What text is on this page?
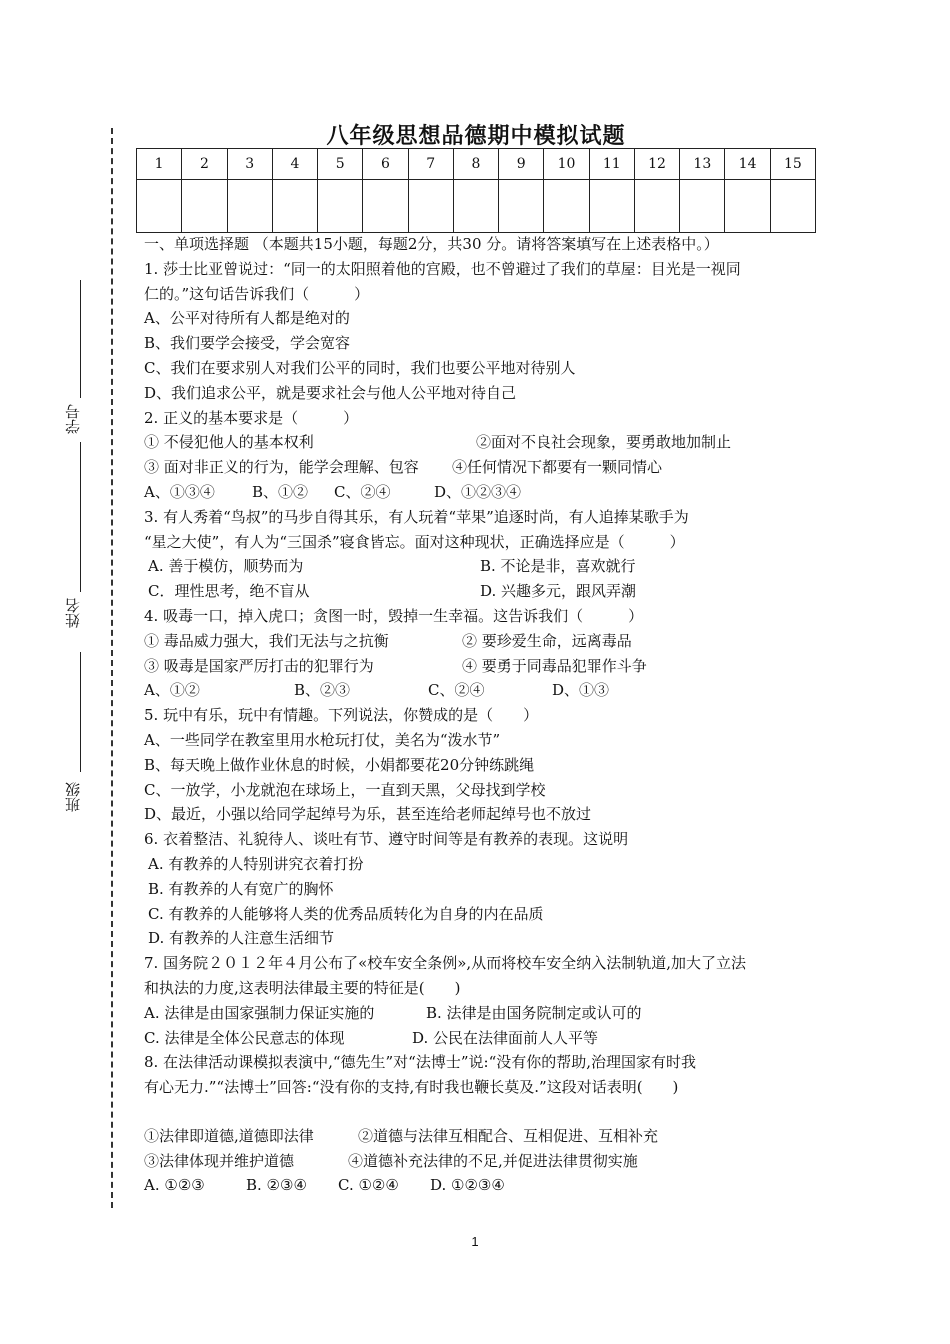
学号
姓名
班级
八年级思想品德期中模拟试题
1	2	3	4	5	6	7	8	9	10	11	12	13	14	15

一、单项选择题 （本题共15小题，每题2分，共30 分。请将答案填写在上述表格中。）

1. 莎士比亚曾说过：“同一的太阳照着他的宫殿，也不曾避过了我们的草屋：目光是一视同

仁的。”这句话告诉我们（　　　）

A、公平对待所有人都是绝对的

B、我们要学会接受，学会宽容

C、我们在要求别人对我们公平的同时，我们也要公平地对待别人

D、我们追求公平，就是要求社会与他人公平地对待自己

2. 正义的基本要求是（　　　）

① 不侵犯他人的基本权利	②面对不良社会现象，要勇敢地加制止
③ 面对非正义的行为，能学会理解、包容	④任何情况下都要有一颗同情心
A、①③④	B、①②	C、②④	D、①②③④

3. 有人秀着“鸟叔”的马步自得其乐，有人玩着“苹果”追逐时尚，有人追捧某歌手为

“星之大使”，有人为“三国杀”寝食皆忘。面对这种现状，正确选择应是（　　　）

A. 善于模仿，顺势而为	B. 不论是非，喜欢就行
C．理性思考，绝不盲从	D. 兴趣多元，跟风弄潮

4. 吸毒一口，掉入虎口；贪图一时，毁掉一生幸福。这告诉我们（　　　）

① 毒品威力强大，我们无法与之抗衡	② 要珍爱生命，远离毒品
③ 吸毒是国家严厉打击的犯罪行为	④ 要勇于同毒品犯罪作斗争
A、①②	B、②③	C、②④	D、①③

5. 玩中有乐，玩中有情趣。下列说法，你赞成的是（　　）

A、一些同学在教室里用水枪玩打仗，美名为“泼水节”

B、每天晚上做作业休息的时候，小娟都要花20分钟练跳绳

C、一放学，小龙就泡在球场上，一直到天黑，父母找到学校

D、最近，小强以给同学起绰号为乐，甚至连给老师起绰号也不放过

6. 衣着整洁、礼貌待人、谈吐有节、遵守时间等是有教养的表现。这说明

A. 有教养的人特别讲究衣着打扮

B. 有教养的人有宽广的胸怀

C. 有教养的人能够将人类的优秀品质转化为自身的内在品质

D. 有教养的人注意生活细节

7. 国务院２０１２年４月公布了«校车安全条例»,从而将校车安全纳入法制轨道,加大了立法

和执法的力度,这表明法律最主要的特征是(　　)

A. 法律是由国家强制力保证实施的	B. 法律是由国务院制定或认可的
C. 法律是全体公民意志的体现	D. 公民在法律面前人人平等

8. 在法律活动课模拟表演中,“德先生”对“法博士”说:“没有你的帮助,治理国家有时我

有心无力.”“法博士”回答:“没有你的支持,有时我也鞭长莫及.”这段对话表明(　　)

①法律即道德,道德即法律	②道德与法律互相配合、互相促进、互相补充
③法律体现并维护道德	④道德补充法律的不足,并促进法律贯彻实施
A. ①②③	B. ②③④	C. ①②④	D. ①②③④
1
